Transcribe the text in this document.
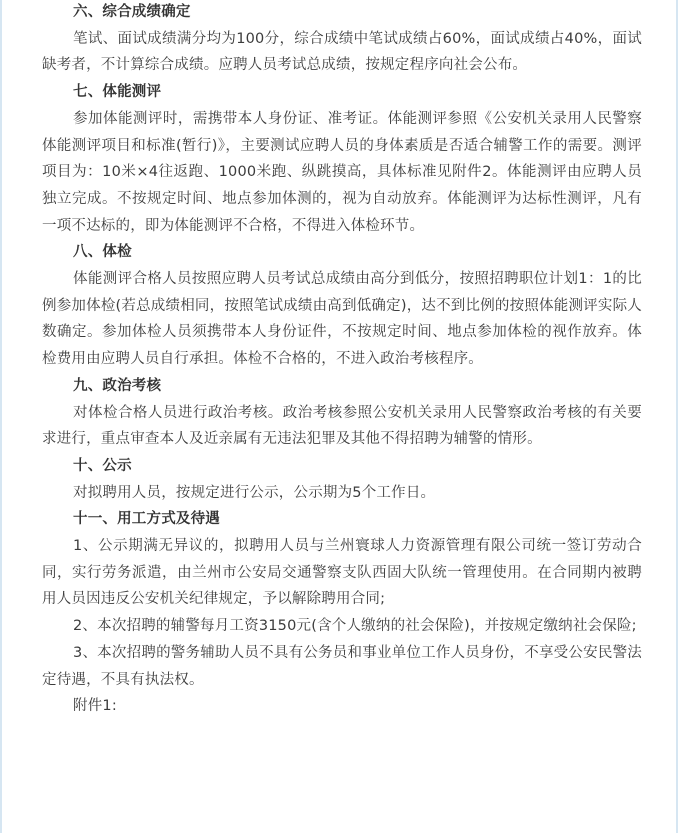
六、综合成绩确定

笔试、面试成绩满分均为100分，综合成绩中笔试成绩占60%，面试成绩占40%，面试缺考者，不计算综合成绩。应聘人员考试总成绩，按规定程序向社会公布。

七、体能测评

参加体能测评时，需携带本人身份证、准考证。体能测评参照《公安机关录用人民警察体能测评项目和标准(暂行)》，主要测试应聘人员的身体素质是否适合辅警工作的需要。测评项目为：10米×4往返跑、1000米跑、纵跳摸高，具体标准见附件2。体能测评由应聘人员独立完成。不按规定时间、地点参加体测的，视为自动放弃。体能测评为达标性测评，凡有一项不达标的，即为体能测评不合格，不得进入体检环节。

八、体检

体能测评合格人员按照应聘人员考试总成绩由高分到低分，按照招聘职位计划1：1的比例参加体检(若总成绩相同，按照笔试成绩由高到低确定)，达不到比例的按照体能测评实际人数确定。参加体检人员须携带本人身份证件，不按规定时间、地点参加体检的视作放弃。体检费用由应聘人员自行承担。体检不合格的，不进入政治考核程序。

九、政治考核

对体检合格人员进行政治考核。政治考核参照公安机关录用人民警察政治考核的有关要求进行，重点审查本人及近亲属有无违法犯罪及其他不得招聘为辅警的情形。

十、公示

对拟聘用人员，按规定进行公示，公示期为5个工作日。

十一、用工方式及待遇

1、公示期满无异议的，拟聘用人员与兰州寰球人力资源管理有限公司统一签订劳动合同，实行劳务派遣，由兰州市公安局交通警察支队西固大队统一管理使用。在合同期内被聘用人员因违反公安机关纪律规定，予以解除聘用合同;

2、本次招聘的辅警每月工资3150元(含个人缴纳的社会保险)，并按规定缴纳社会保险;

3、本次招聘的警务辅助人员不具有公务员和事业单位工作人员身份，不享受公安民警法定待遇，不具有执法权。

附件1:
